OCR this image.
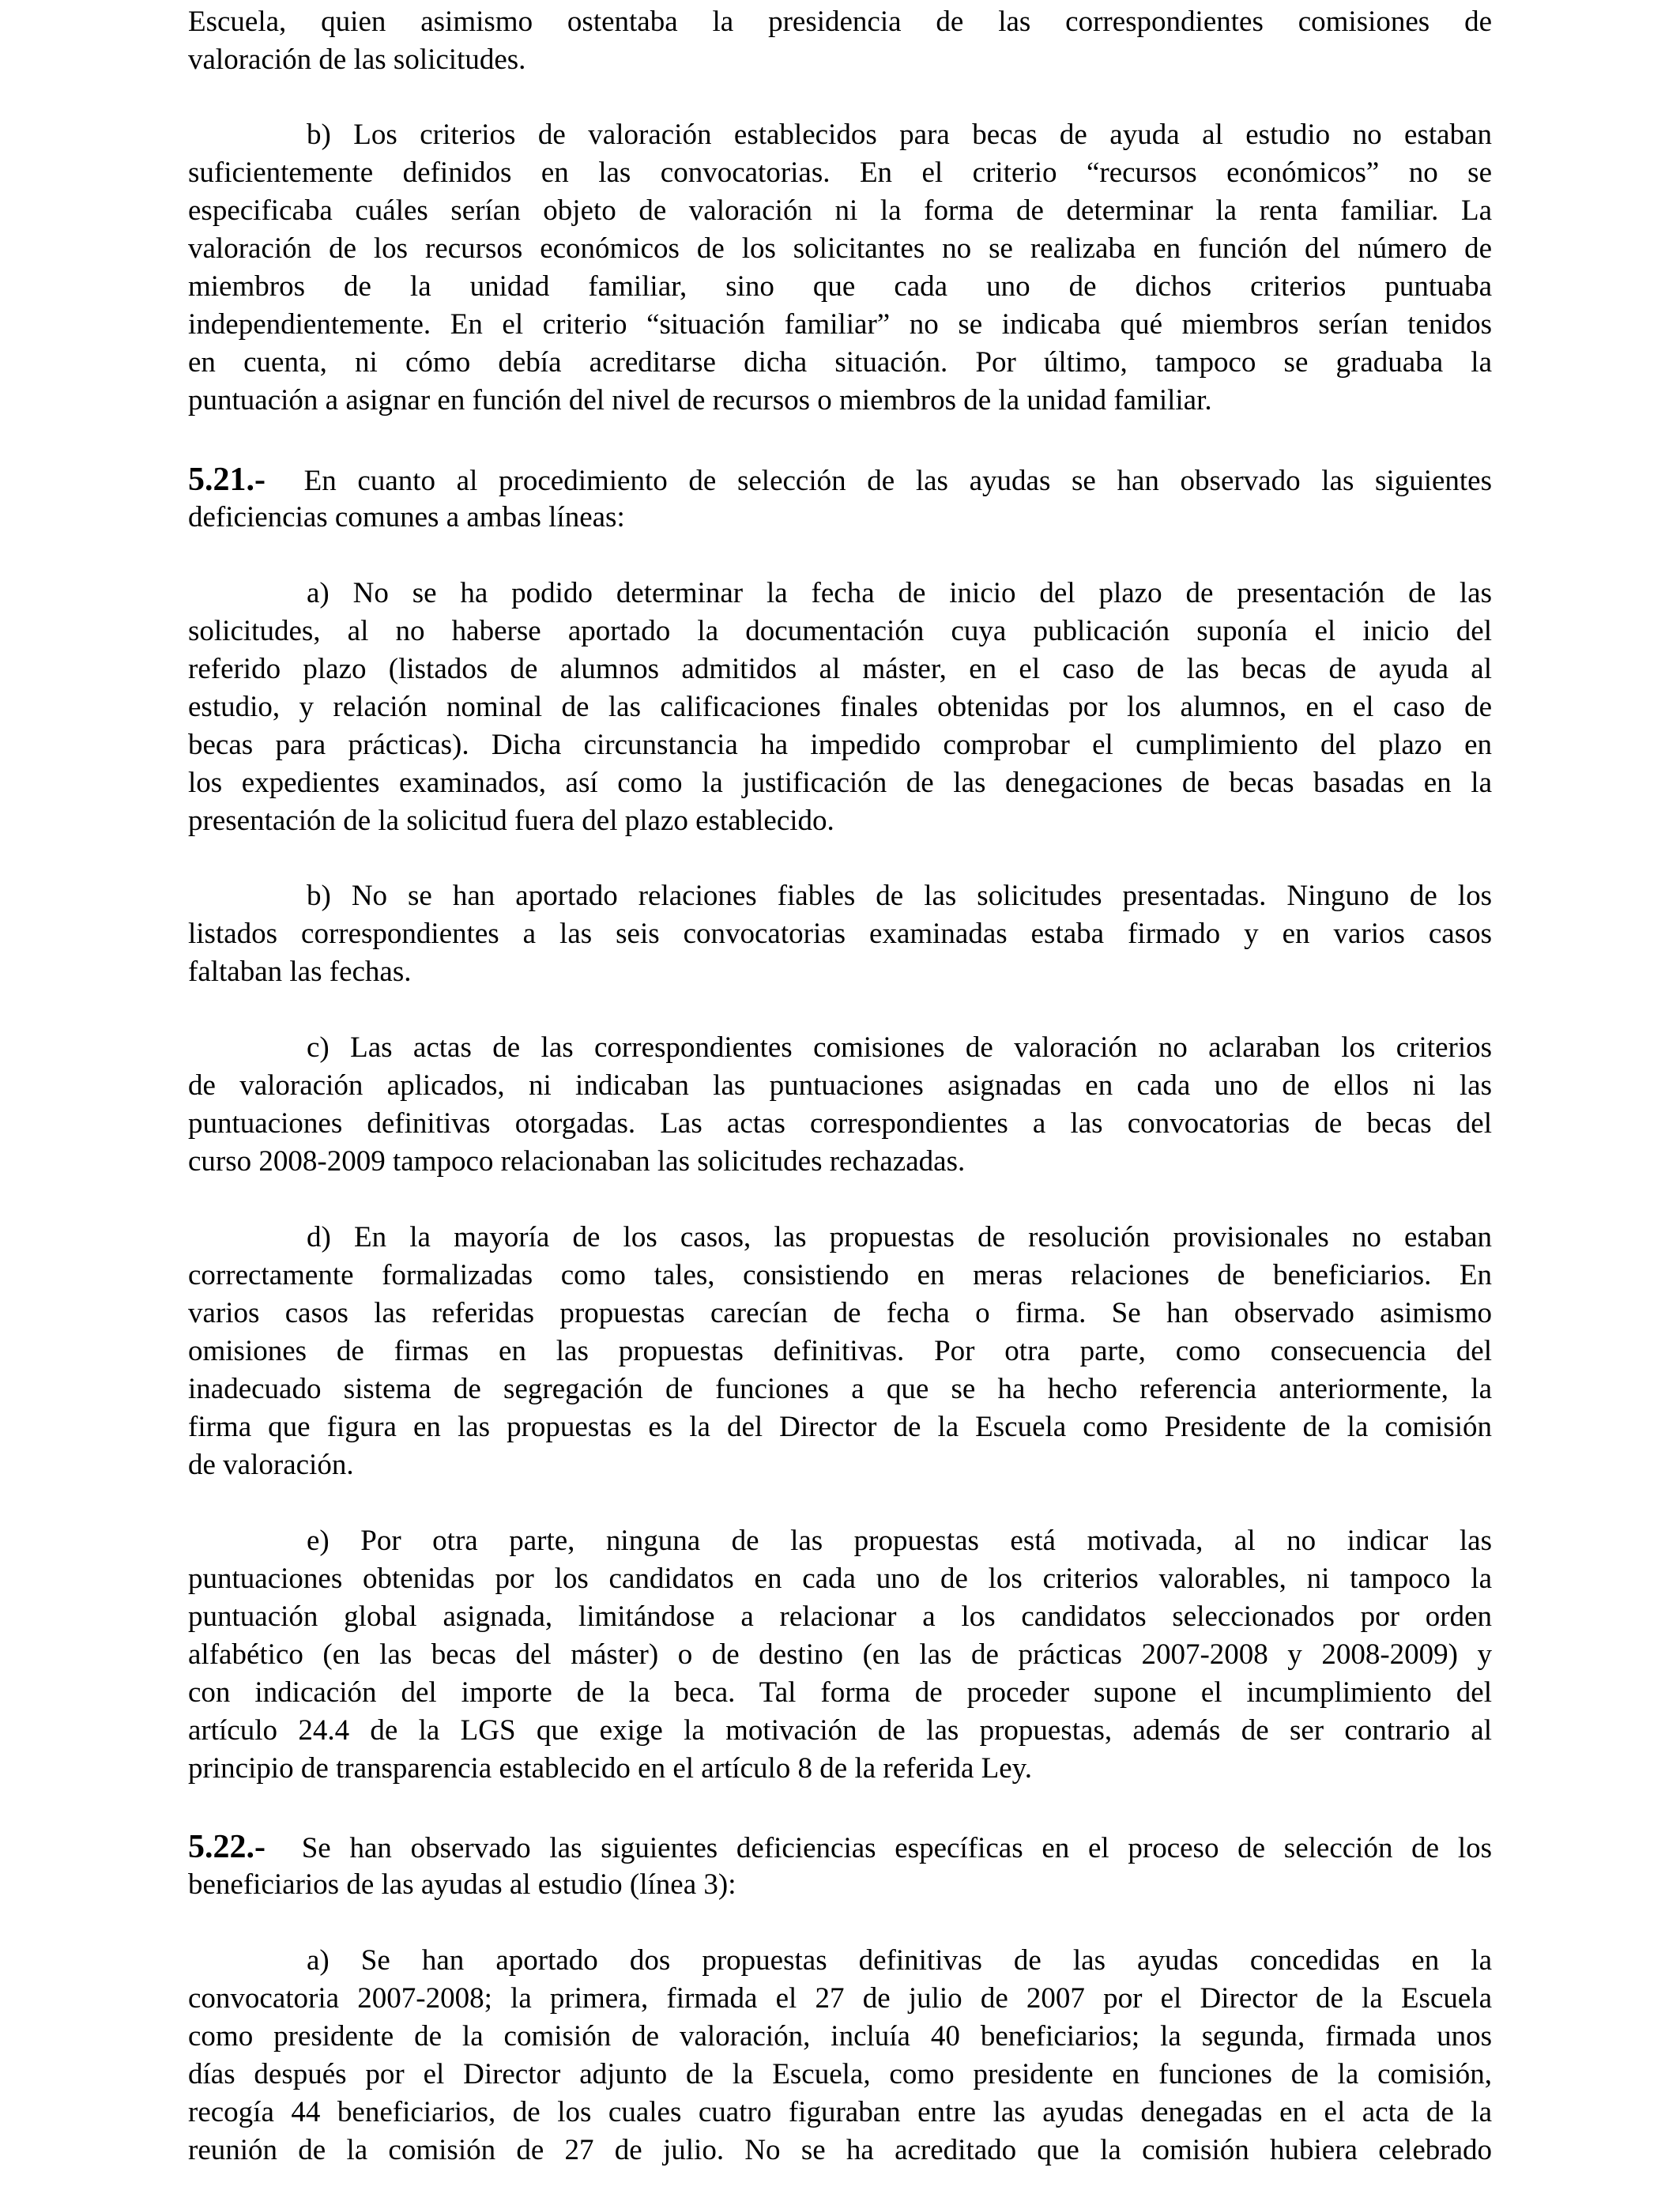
Escuela, quien asimismo ostentaba la presidencia de las correspondientes comisiones de
valoración de las solicitudes.
b) Los criterios de valoración establecidos para becas de ayuda al estudio no estaban
suficientemente definidos en las convocatorias. En el criterio “recursos económicos” no se
especificaba cuáles serían objeto de valoración ni la forma de determinar la renta familiar. La
valoración de los recursos económicos de los solicitantes no se realizaba en función del número de
miembros de la unidad familiar, sino que cada uno de dichos criterios puntuaba
independientemente. En el criterio “situación familiar” no se indicaba qué miembros serían tenidos
en cuenta, ni cómo debía acreditarse dicha situación. Por último, tampoco se graduaba la
puntuación a asignar en función del nivel de recursos o miembros de la unidad familiar.
5.21.- En cuanto al procedimiento de selección de las ayudas se han observado las siguientes
deficiencias comunes a ambas líneas:
a) No se ha podido determinar la fecha de inicio del plazo de presentación de las
solicitudes, al no haberse aportado la documentación cuya publicación suponía el inicio del
referido plazo (listados de alumnos admitidos al máster, en el caso de las becas de ayuda al
estudio, y relación nominal de las calificaciones finales obtenidas por los alumnos, en el caso de
becas para prácticas). Dicha circunstancia ha impedido comprobar el cumplimiento del plazo en
los expedientes examinados, así como la justificación de las denegaciones de becas basadas en la
presentación de la solicitud fuera del plazo establecido.
b) No se han aportado relaciones fiables de las solicitudes presentadas. Ninguno de los
listados correspondientes a las seis convocatorias examinadas estaba firmado y en varios casos
faltaban las fechas.
c) Las actas de las correspondientes comisiones de valoración no aclaraban los criterios
de valoración aplicados, ni indicaban las puntuaciones asignadas en cada uno de ellos ni las
puntuaciones definitivas otorgadas. Las actas correspondientes a las convocatorias de becas del
curso 2008-2009 tampoco relacionaban las solicitudes rechazadas.
d) En la mayoría de los casos, las propuestas de resolución provisionales no estaban
correctamente formalizadas como tales, consistiendo en meras relaciones de beneficiarios. En
varios casos las referidas propuestas carecían de fecha o firma. Se han observado asimismo
omisiones de firmas en las propuestas definitivas. Por otra parte, como consecuencia del
inadecuado sistema de segregación de funciones a que se ha hecho referencia anteriormente, la
firma que figura en las propuestas es la del Director de la Escuela como Presidente de la comisión
de valoración.
e) Por otra parte, ninguna de las propuestas está motivada, al no indicar las
puntuaciones obtenidas por los candidatos en cada uno de los criterios valorables, ni tampoco la
puntuación global asignada, limitándose a relacionar a los candidatos seleccionados por orden
alfabético (en las becas del máster) o de destino (en las de prácticas 2007-2008 y 2008-2009) y
con indicación del importe de la beca. Tal forma de proceder supone el incumplimiento del
artículo 24.4 de la LGS que exige la motivación de las propuestas, además de ser contrario al
principio de transparencia establecido en el artículo 8 de la referida Ley.
5.22.- Se han observado las siguientes deficiencias específicas en el proceso de selección de los
beneficiarios de las ayudas al estudio (línea 3):
a) Se han aportado dos propuestas definitivas de las ayudas concedidas en la
convocatoria 2007-2008; la primera, firmada el 27 de julio de 2007 por el Director de la Escuela
como presidente de la comisión de valoración, incluía 40 beneficiarios; la segunda, firmada unos
días después por el Director adjunto de la Escuela, como presidente en funciones de la comisión,
recogía 44 beneficiarios, de los cuales cuatro figuraban entre las ayudas denegadas en el acta de la
reunión de la comisión de 27 de julio. No se ha acreditado que la comisión hubiera celebrado
